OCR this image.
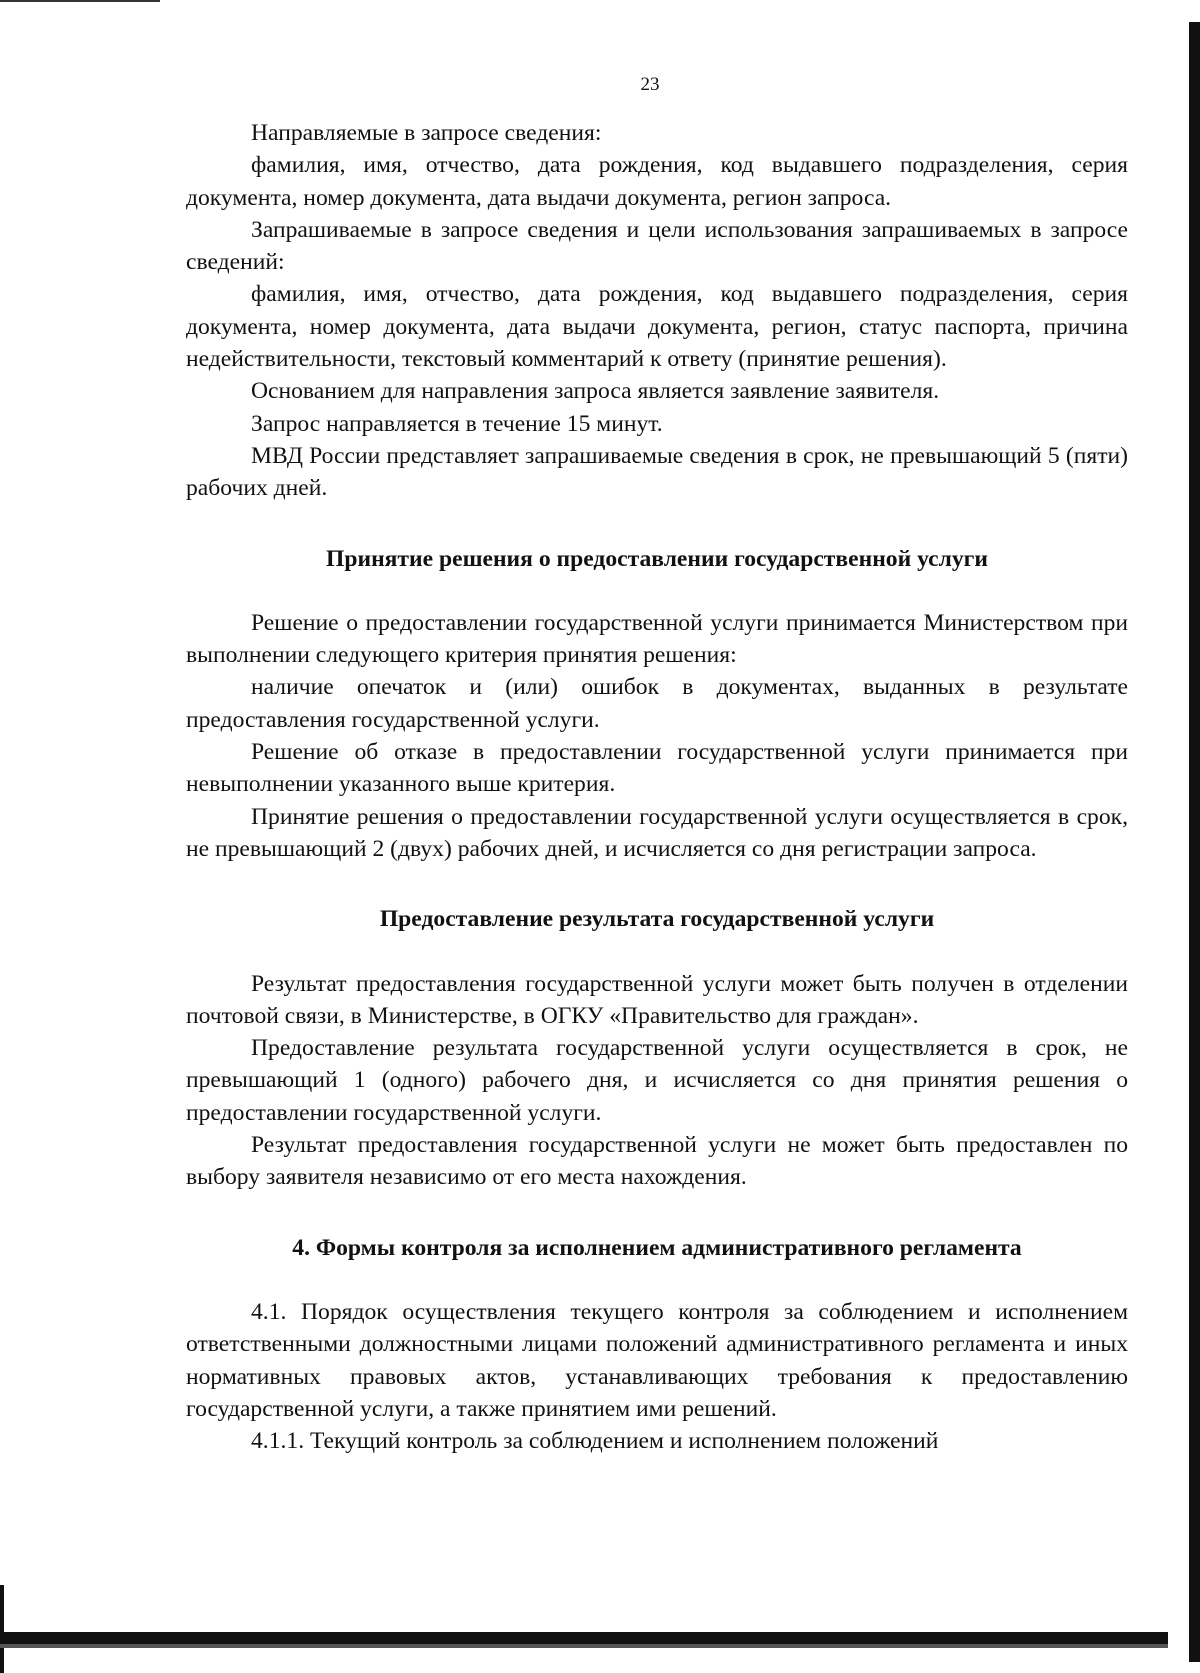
23

Направляемые в запросе сведения:

фамилия, имя, отчество, дата рождения, код выдавшего подразделения, серия документа, номер документа, дата выдачи документа, регион запроса.

Запрашиваемые в запросе сведения и цели использования запрашиваемых в запросе сведений:

фамилия, имя, отчество, дата рождения, код выдавшего подразделения, серия документа, номер документа, дата выдачи документа, регион, статус паспорта, причина недействительности, текстовый комментарий к ответу (принятие решения).

Основанием для направления запроса является заявление заявителя.

Запрос направляется в течение 15 минут.

МВД России представляет запрашиваемые сведения в срок, не превышающий 5 (пяти) рабочих дней.

Принятие решения о предоставлении государственной услуги

Решение о предоставлении государственной услуги принимается Министерством при выполнении следующего критерия принятия решения:

наличие опечаток и (или) ошибок в документах, выданных в результате предоставления государственной услуги.

Решение об отказе в предоставлении государственной услуги принимается при невыполнении указанного выше критерия.

Принятие решения о предоставлении государственной услуги осуществляется в срок, не превышающий 2 (двух) рабочих дней, и исчисляется со дня регистрации запроса.

Предоставление результата государственной услуги

Результат предоставления государственной услуги может быть получен в отделении почтовой связи, в Министерстве, в ОГКУ «Правительство для граждан».

Предоставление результата государственной услуги осуществляется в срок, не превышающий 1 (одного) рабочего дня, и исчисляется со дня принятия решения о предоставлении государственной услуги.

Результат предоставления государственной услуги не может быть предоставлен по выбору заявителя независимо от его места нахождения.

4. Формы контроля за исполнением административного регламента

4.1. Порядок осуществления текущего контроля за соблюдением и исполнением ответственными должностными лицами положений административного регламента и иных нормативных правовых актов, устанавливающих требования к предоставлению государственной услуги, а также принятием ими решений.

4.1.1. Текущий контроль за соблюдением и исполнением положений
